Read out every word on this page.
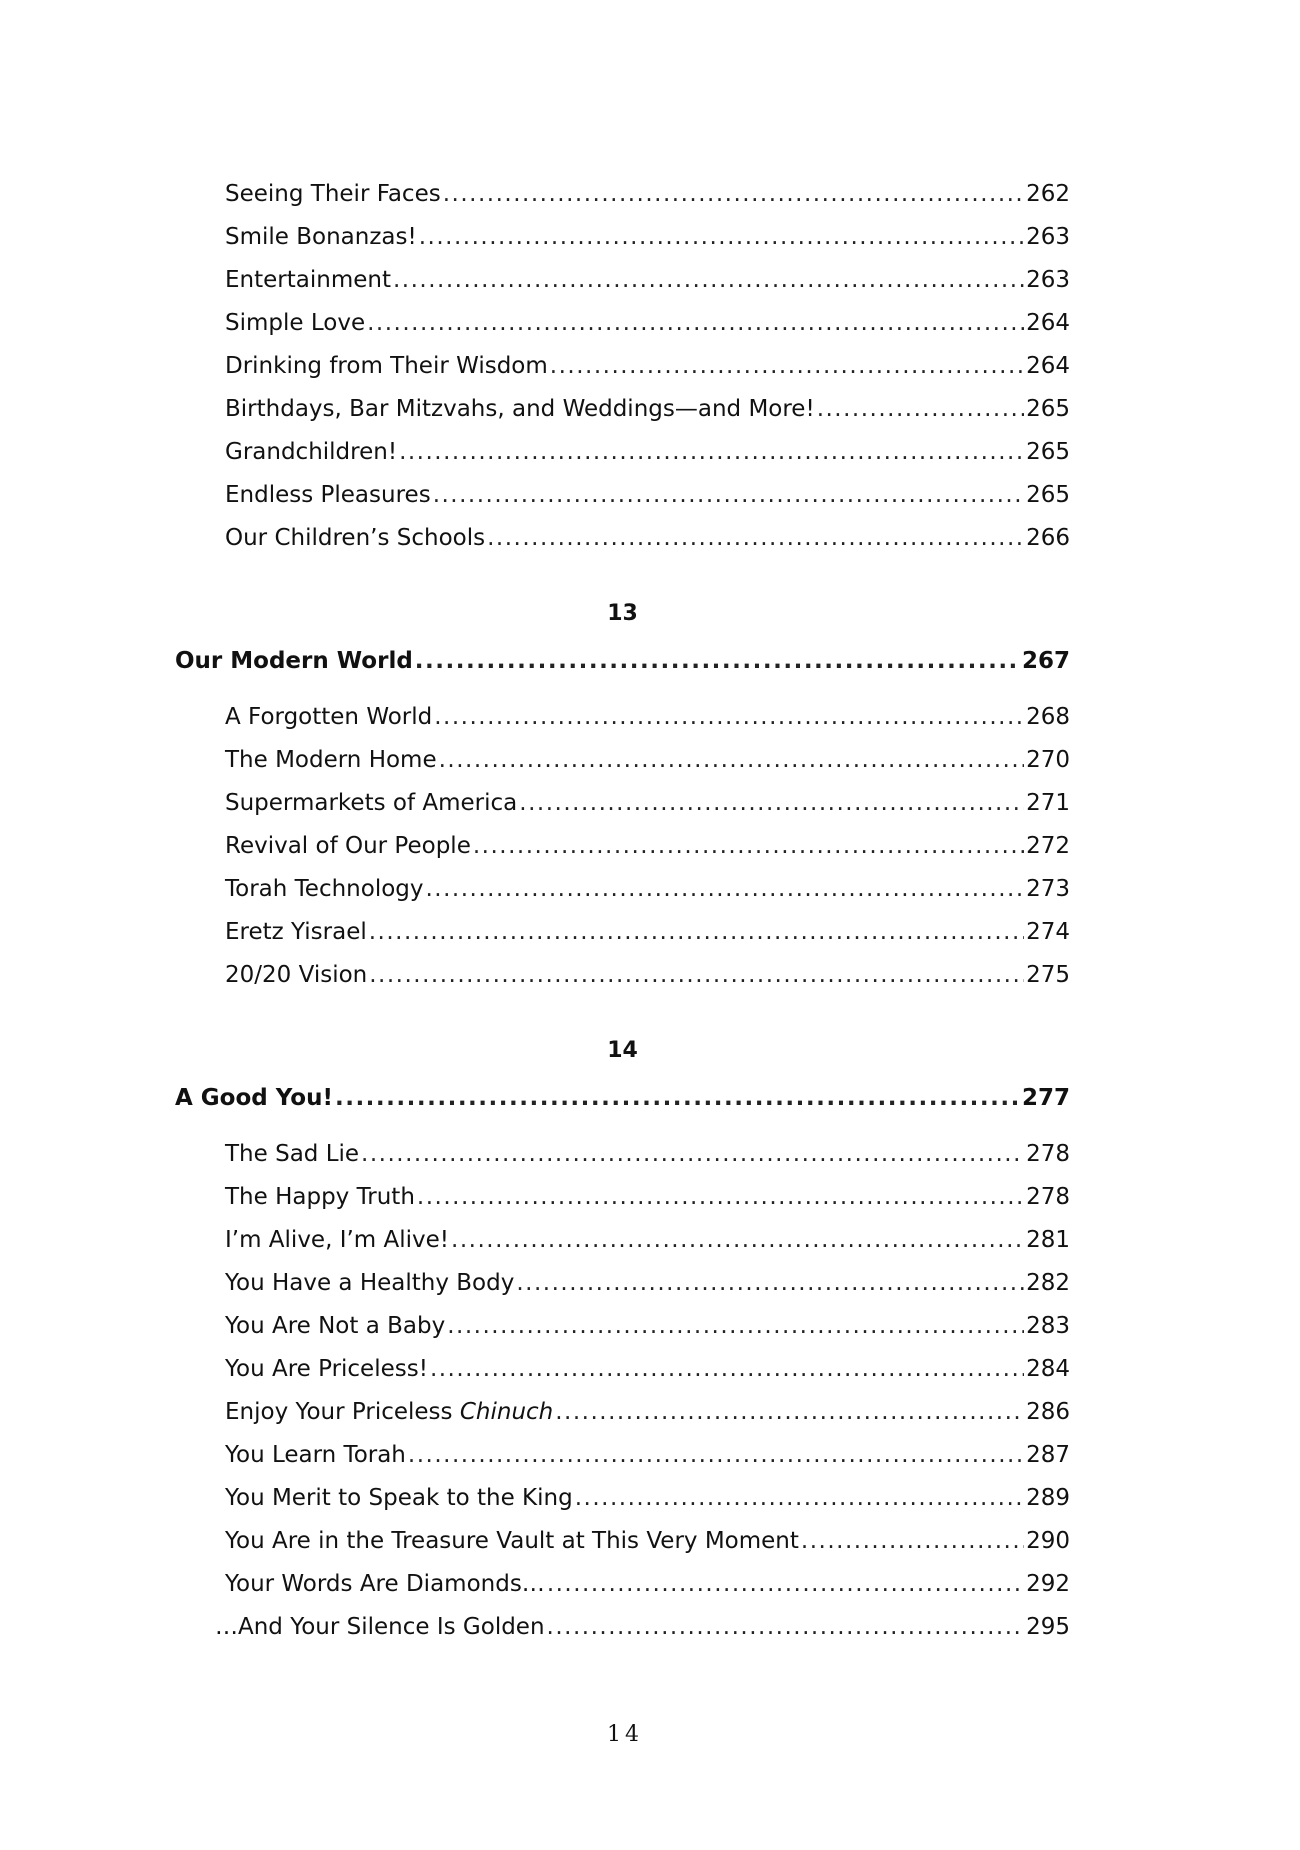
Seeing Their Faces .....	262
Smile Bonanzas! .....	263
Entertainment .....	263
Simple Love .....	264
Drinking from Their Wisdom .....	264
Birthdays, Bar Mitzvahs, and Weddings—and More! .....	265
Grandchildren! .....	265
Endless Pleasures .....	265
Our Children’s Schools .....	266
13
Our Modern World .....	267
A Forgotten World .....	268
The Modern Home .....	270
Supermarkets of America .....	271
Revival of Our People .....	272
Torah Technology .....	273
Eretz Yisrael .....	274
20/20 Vision .....	275
14
A Good You! .....	277
The Sad Lie .....	278
The Happy Truth .....	278
I’m Alive, I’m Alive! .....	281
You Have a Healthy Body .....	282
You Are Not a Baby .....	283
You Are Priceless! .....	284
Enjoy Your Priceless Chinuch .....	286
You Learn Torah .....	287
You Merit to Speak to the King .....	289
You Are in the Treasure Vault at This Very Moment .....	290
Your Words Are Diamonds… .....	292
…And Your Silence Is Golden .....	295
14
